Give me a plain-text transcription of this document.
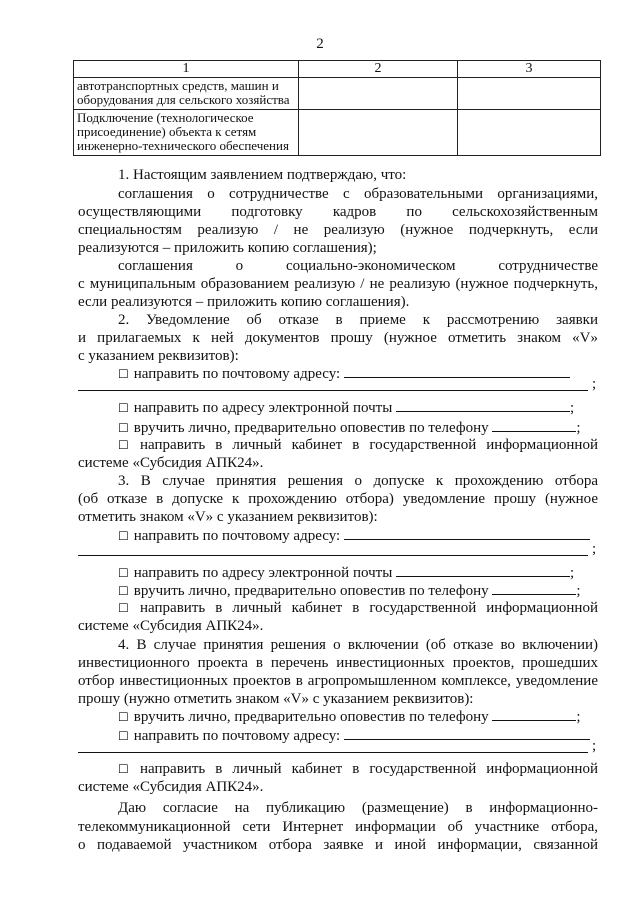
2
1	2	3
автотранспортных средств, машин и оборудования для сельского хозяйства		
Подключение (технологическое присоединение) объекта к сетям инженерно-технического обеспечения		
1. Настоящим заявлением подтверждаю, что:
соглашения о сотрудничестве с образовательными организациями,
осуществляющими подготовку кадров по сельскохозяйственным
специальностям реализую / не реализую (нужное подчеркнуть, если
реализуются – приложить копию соглашения);
соглашения о социально-экономическом сотрудничестве
с муниципальным образованием реализую / не реализую (нужное подчеркнуть,
если реализуются – приложить копию соглашения).
2. Уведомление об отказе в приеме к рассмотрению заявки
и прилагаемых к ней документов прошу (нужное отметить знаком «V»
с указанием реквизитов):
☐ направить по почтовому адресу:
;
☐ направить по адресу электронной почты	;
☐ вручить лично, предварительно оповестив по телефону	;
☐ направить в личный кабинет в государственной информационной
системе «Субсидия АПК24».
3. В случае принятия решения о допуске к прохождению отбора
(об отказе в допуске к прохождению отбора) уведомление прошу (нужное
отметить знаком «V» с указанием реквизитов):
☐ направить по почтовому адресу:
;
☐ направить по адресу электронной почты	;
☐ вручить лично, предварительно оповестив по телефону	;
☐ направить в личный кабинет в государственной информационной
системе «Субсидия АПК24».
4. В случае принятия решения о включении (об отказе во включении)
инвестиционного проекта в перечень инвестиционных проектов, прошедших
отбор инвестиционных проектов в агропромышленном комплексе, уведомление
прошу (нужно отметить знаком «V» с указанием реквизитов):
☐ вручить лично, предварительно оповестив по телефону	;
☐ направить по почтовому адресу:
;
☐ направить в личный кабинет в государственной информационной
системе «Субсидия АПК24».
Даю согласие на публикацию (размещение) в информационно-
телекоммуникационной сети Интернет информации об участнике отбора,
о подаваемой участником отбора заявке и иной информации, связанной
